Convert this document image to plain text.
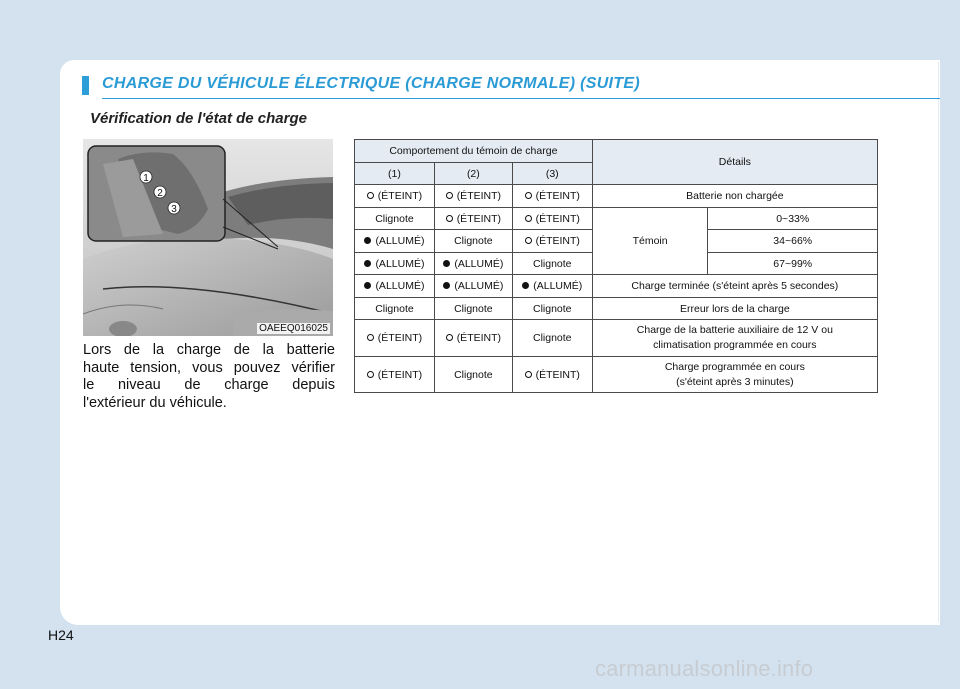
CHARGE DU VÉHICULE ÉLECTRIQUE (CHARGE NORMALE) (SUITE)
Vérification de l'état de charge
1
2
3
OAEEQ016025
Lors de la charge de la batterie
haute tension, vous pouvez vérifier
le niveau de charge depuis
l'extérieur du véhicule.
Comportement du témoin de charge			Détails	
(1)	(2)	(3)		
(ÉTEINT)	(ÉTEINT)	(ÉTEINT)	Batterie non chargée	
Clignote	(ÉTEINT)	(ÉTEINT)	Témoin	0~33%
(ALLUMÉ)	Clignote	(ÉTEINT)		34~66%
(ALLUMÉ)	(ALLUMÉ)	Clignote		67~99%
(ALLUMÉ)	(ALLUMÉ)	(ALLUMÉ)	Charge terminée (s'éteint après 5 secondes)	
Clignote	Clignote	Clignote	Erreur lors de la charge	
(ÉTEINT)	(ÉTEINT)	Clignote	Charge de la batterie auxiliaire de 12 V ou
climatisation programmée en cours	

(ÉTEINT)	Clignote	(ÉTEINT)	Charge programmée en cours
(s'éteint après 3 minutes)	
H24
carmanualsonline.info
